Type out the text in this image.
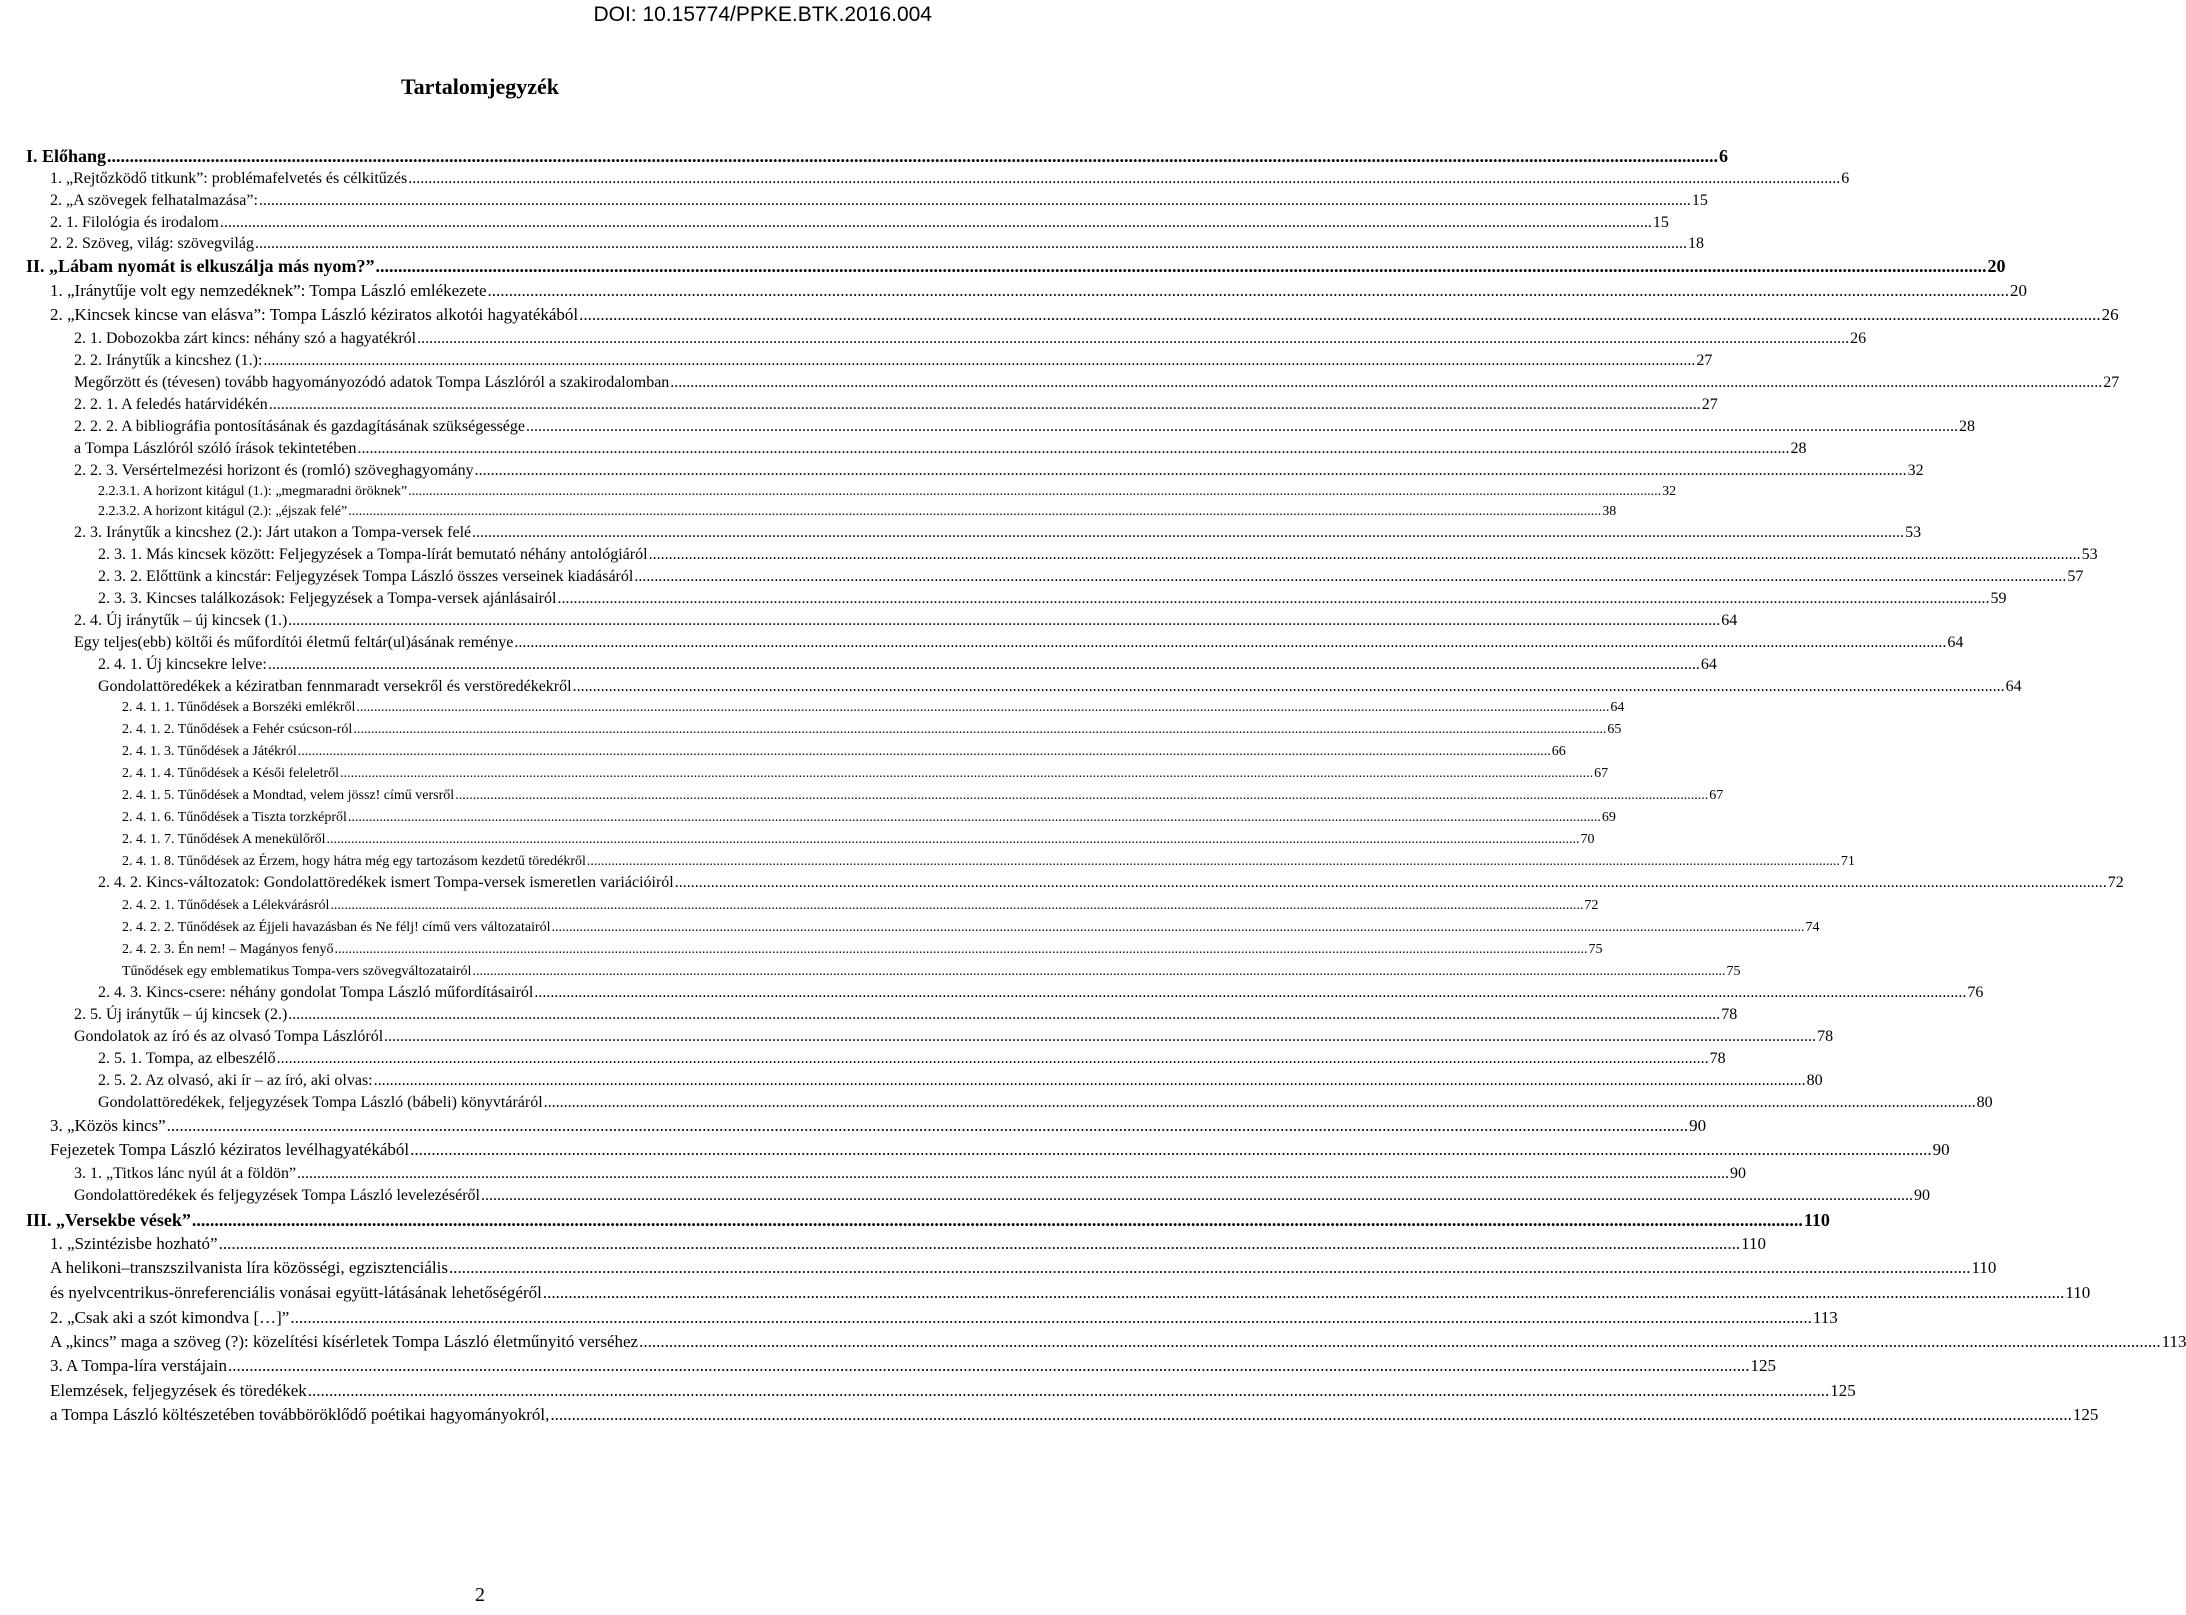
DOI: 10.15774/PPKE.BTK.2016.004
Tartalomjegyzék
I. Előhang .....	6
1. „Rejtőzködő titkunk”: problémafelvetés és célkitűzés .....	6
2. „A szövegek felhatalmazása”: .....	15
2. 1. Filológia és irodalom .....	15
2. 2. Szöveg, világ: szövegvilág .....	18
II. „Lábam nyomát is elkuszálja más nyom?” .....	20
1. „Iránytűje volt egy nemzedéknek”: Tompa László emlékezete .....	20
2. „Kincsek kincse van elásva”: Tompa László kéziratos alkotói hagyatékából .....	26
2. 1. Dobozokba zárt kincs: néhány szó a hagyatékról .....	26
2. 2. Iránytűk a kincshez (1.): .....	27
Megőrzött és (tévesen) tovább hagyományozódó adatok Tompa Lászlóról a szakirodalomban .....	27
2. 2. 1. A feledés határvidékén .....	27
2. 2. 2. A bibliográfia pontosításának és gazdagításának szükségessége .....	28
a Tompa Lászlóról szóló írások tekintetében .....	28
2. 2. 3. Versértelmezési horizont és (romló) szöveghagyomány .....	32
2.2.3.1. A horizont kitágul (1.): „megmaradni öröknek” .....	32
2.2.3.2. A horizont kitágul (2.): „éjszak felé” .....	38
2. 3. Iránytűk a kincshez (2.): Járt utakon a Tompa-versek felé .....	53
2. 3. 1. Más kincsek között: Feljegyzések a Tompa-lírát bemutató néhány antológiáról .....	53
2. 3. 2. Előttünk a kincstár: Feljegyzések Tompa László összes verseinek kiadásáról .....	57
2. 3. 3. Kincses találkozások: Feljegyzések a Tompa-versek ajánlásairól .....	59
2. 4. Új iránytűk – új kincsek (1.) .....	64
Egy teljes(ebb) költői és műfordítói életmű feltár(ul)ásának reménye .....	64
2. 4. 1. Új kincsekre lelve: .....	64
Gondolattöredékek a kéziratban fennmaradt versekről és verstöredékekről .....	64
2. 4. 1. 1. Tűnődések a Borszéki emlékről .....	64
2. 4. 1. 2. Tűnődések a Fehér csúcson-ról .....	65
2. 4. 1. 3. Tűnődések a Játékról .....	66
2. 4. 1. 4. Tűnődések a Késői feleletről .....	67
2. 4. 1. 5. Tűnődések a Mondtad, velem jössz! című versről .....	67
2. 4. 1. 6. Tűnődések a Tiszta torzképről .....	69
2. 4. 1. 7. Tűnődések A menekülőről .....	70
2. 4. 1. 8. Tűnődések az Érzem, hogy hátra még egy tartozásom kezdetű töredékről .....	71
2. 4. 2. Kincs-változatok: Gondolattöredékek ismert Tompa-versek ismeretlen variációiról .....	72
2. 4. 2. 1. Tűnődések a Lélekvárásról .....	72
2. 4. 2. 2. Tűnődések az Éjjeli havazásban és Ne félj! című vers változatairól .....	74
2. 4. 2. 3. Én nem! – Magányos fenyő .....	75
Tűnődések egy emblematikus Tompa-vers szövegváltozatairól .....	75
2. 4. 3. Kincs-csere: néhány gondolat Tompa László műfordításairól .....	76
2. 5. Új iránytűk – új kincsek (2.) .....	78
Gondolatok az író és az olvasó Tompa Lászlóról .....	78
2. 5. 1. Tompa, az elbeszélő .....	78
2. 5. 2. Az olvasó, aki ír – az író, aki olvas: .....	80
Gondolattöredékek, feljegyzések Tompa László (bábeli) könyvtáráról .....	80
3. „Közös kincs” .....	90
Fejezetek Tompa László kéziratos levélhagyatékából .....	90
3. 1. „Titkos lánc nyúl át a földön” .....	90
Gondolattöredékek és feljegyzések Tompa László levelezéséről .....	90
III. „Versekbe vések” .....	110
1. „Szintézisbe hozható” .....	110
A helikoni–transzszilvanista líra közösségi, egzisztenciális .....	110
és nyelvcentrikus-önreferenciális vonásai együtt-látásának lehetőségéről .....	110
2. „Csak aki a szót kimondva […]” .....	113
A „kincs” maga a szöveg (?): közelítési kísérletek Tompa László életműnyitó verséhez .....	113
3. A Tompa-líra verstájain .....	125
Elemzések, feljegyzések és töredékek .....	125
a Tompa László költészetében továbböröklődő poétikai hagyományokról, .....	125
2
